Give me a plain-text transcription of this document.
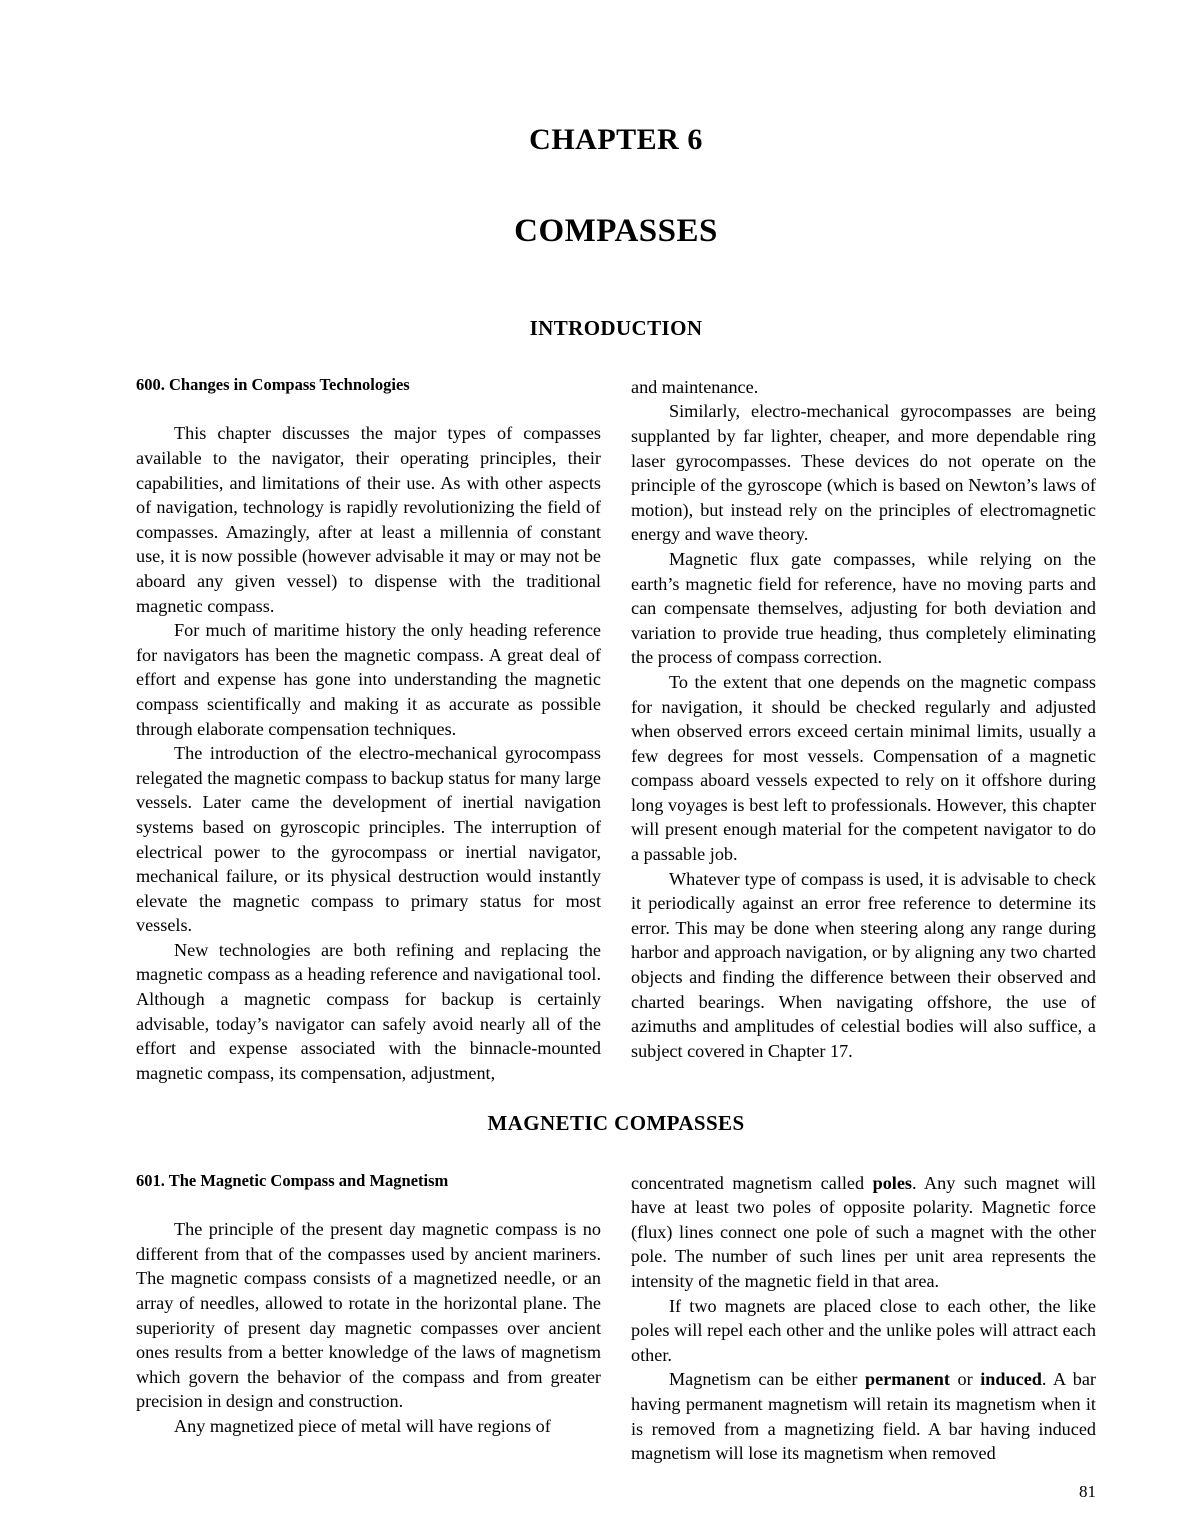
CHAPTER 6
COMPASSES
INTRODUCTION
600. Changes in Compass Technologies

This chapter discusses the major types of compasses available to the navigator, their operating principles, their capabilities, and limitations of their use. As with other aspects of navigation, technology is rapidly revolutionizing the field of compasses. Amazingly, after at least a millennia of constant use, it is now possible (however advisable it may or may not be aboard any given vessel) to dispense with the traditional magnetic compass.

For much of maritime history the only heading reference for navigators has been the magnetic compass. A great deal of effort and expense has gone into understanding the magnetic compass scientifically and making it as accurate as possible through elaborate compensation techniques.

The introduction of the electro-mechanical gyrocompass relegated the magnetic compass to backup status for many large vessels. Later came the development of inertial navigation systems based on gyroscopic principles. The interruption of electrical power to the gyrocompass or inertial navigator, mechanical failure, or its physical destruction would instantly elevate the magnetic compass to primary status for most vessels.

New technologies are both refining and replacing the magnetic compass as a heading reference and navigational tool. Although a magnetic compass for backup is certainly advisable, today’s navigator can safely avoid nearly all of the effort and expense associated with the binnacle-mounted magnetic compass, its compensation, adjustment,

and maintenance.

Similarly, electro-mechanical gyrocompasses are being supplanted by far lighter, cheaper, and more dependable ring laser gyrocompasses. These devices do not operate on the principle of the gyroscope (which is based on Newton’s laws of motion), but instead rely on the principles of electromagnetic energy and wave theory.

Magnetic flux gate compasses, while relying on the earth’s magnetic field for reference, have no moving parts and can compensate themselves, adjusting for both deviation and variation to provide true heading, thus completely eliminating the process of compass correction.

To the extent that one depends on the magnetic compass for navigation, it should be checked regularly and adjusted when observed errors exceed certain minimal limits, usually a few degrees for most vessels. Compensation of a magnetic compass aboard vessels expected to rely on it offshore during long voyages is best left to professionals. However, this chapter will present enough material for the competent navigator to do a passable job.

Whatever type of compass is used, it is advisable to check it periodically against an error free reference to determine its error. This may be done when steering along any range during harbor and approach navigation, or by aligning any two charted objects and finding the difference between their observed and charted bearings. When navigating offshore, the use of azimuths and amplitudes of celestial bodies will also suffice, a subject covered in Chapter 17.

MAGNETIC COMPASSES
601. The Magnetic Compass and Magnetism

The principle of the present day magnetic compass is no different from that of the compasses used by ancient mariners. The magnetic compass consists of a magnetized needle, or an array of needles, allowed to rotate in the horizontal plane. The superiority of present day magnetic compasses over ancient ones results from a better knowledge of the laws of magnetism which govern the behavior of the compass and from greater precision in design and construction.

Any magnetized piece of metal will have regions of

concentrated magnetism called poles. Any such magnet will have at least two poles of opposite polarity. Magnetic force (flux) lines connect one pole of such a magnet with the other pole. The number of such lines per unit area represents the intensity of the magnetic field in that area.

If two magnets are placed close to each other, the like poles will repel each other and the unlike poles will attract each other.

Magnetism can be either permanent or induced. A bar having permanent magnetism will retain its magnetism when it is removed from a magnetizing field. A bar having induced magnetism will lose its magnetism when removed

81
